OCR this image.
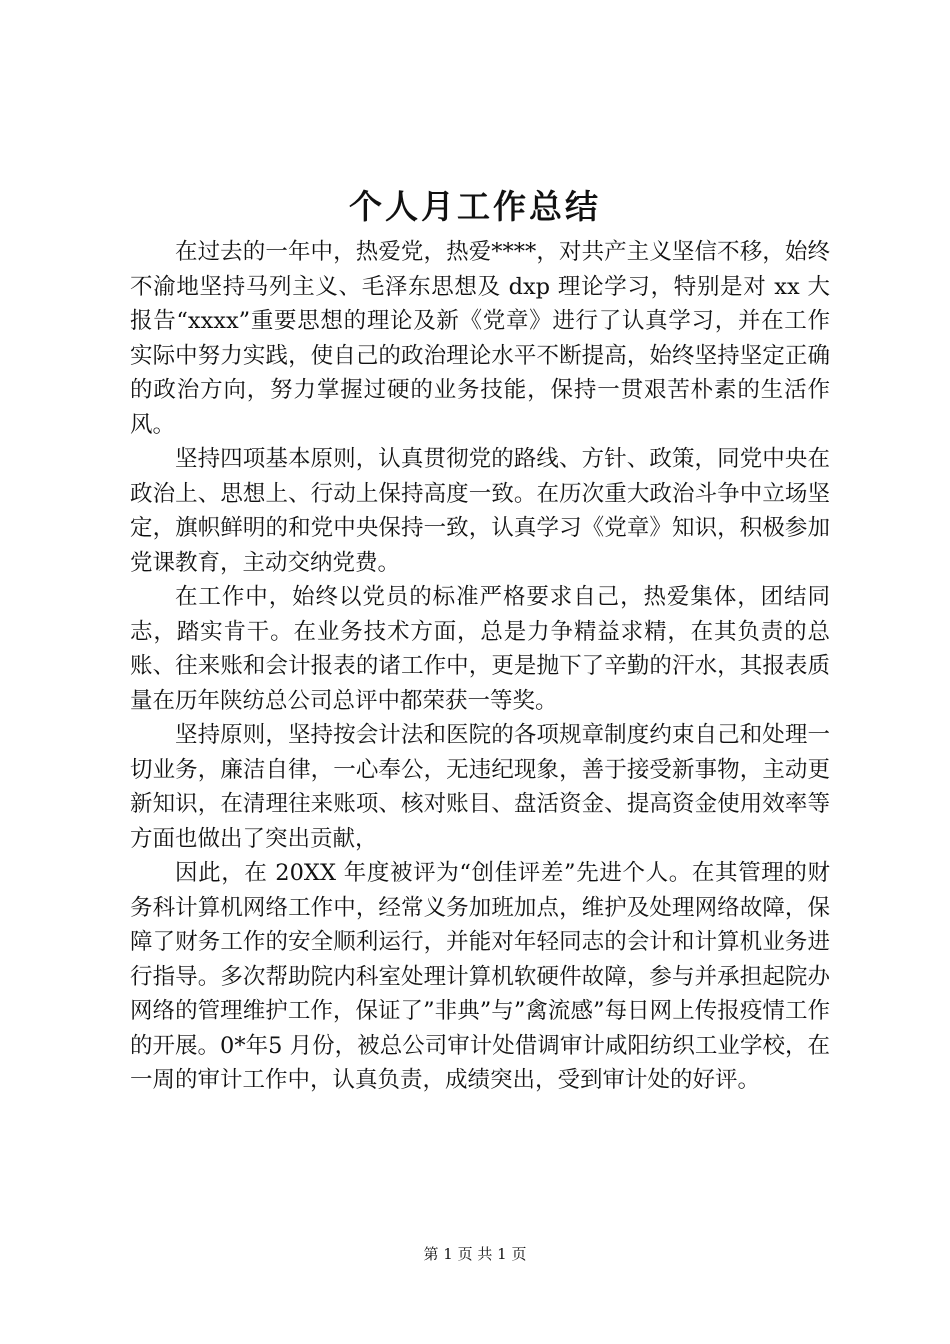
个人月工作总结

在过去的一年中，热爱党，热爱****，对共产主义坚信不移，始终不渝地坚持马列主义、毛泽东思想及 dxp 理论学习，特别是对 xx 大报告“xxxx”重要思想的理论及新《党章》进行了认真学习，并在工作实际中努力实践，使自己的政治理论水平不断提高，始终坚持坚定正确的政治方向，努力掌握过硬的业务技能，保持一贯艰苦朴素的生活作风。

坚持四项基本原则，认真贯彻党的路线、方针、政策，同党中央在政治上、思想上、行动上保持高度一致。在历次重大政治斗争中立场坚定，旗帜鲜明的和党中央保持一致，认真学习《党章》知识，积极参加党课教育，主动交纳党费。

在工作中，始终以党员的标准严格要求自己，热爱集体，团结同志，踏实肯干。在业务技术方面，总是力争精益求精，在其负责的总账、往来账和会计报表的诸工作中，更是抛下了辛勤的汗水，其报表质量在历年陕纺总公司总评中都荣获一等奖。

坚持原则，坚持按会计法和医院的各项规章制度约束自己和处理一切业务，廉洁自律，一心奉公，无违纪现象，善于接受新事物，主动更新知识，在清理往来账项、核对账目、盘活资金、提高资金使用效率等方面也做出了突出贡献，

因此，在 20XX 年度被评为“创佳评差”先进个人。在其管理的财务科计算机网络工作中，经常义务加班加点，维护及处理网络故障，保障了财务工作的安全顺利运行，并能对年轻同志的会计和计算机业务进行指导。多次帮助院内科室处理计算机软硬件故障，参与并承担起院办网络的管理维护工作，保证了”非典”与”禽流感”每日网上传报疫情工作的开展。0*年5 月份，被总公司审计处借调审计咸阳纺织工业学校，在一周的审计工作中，认真负责，成绩突出，受到审计处的好评。

第 1 页 共 1 页
